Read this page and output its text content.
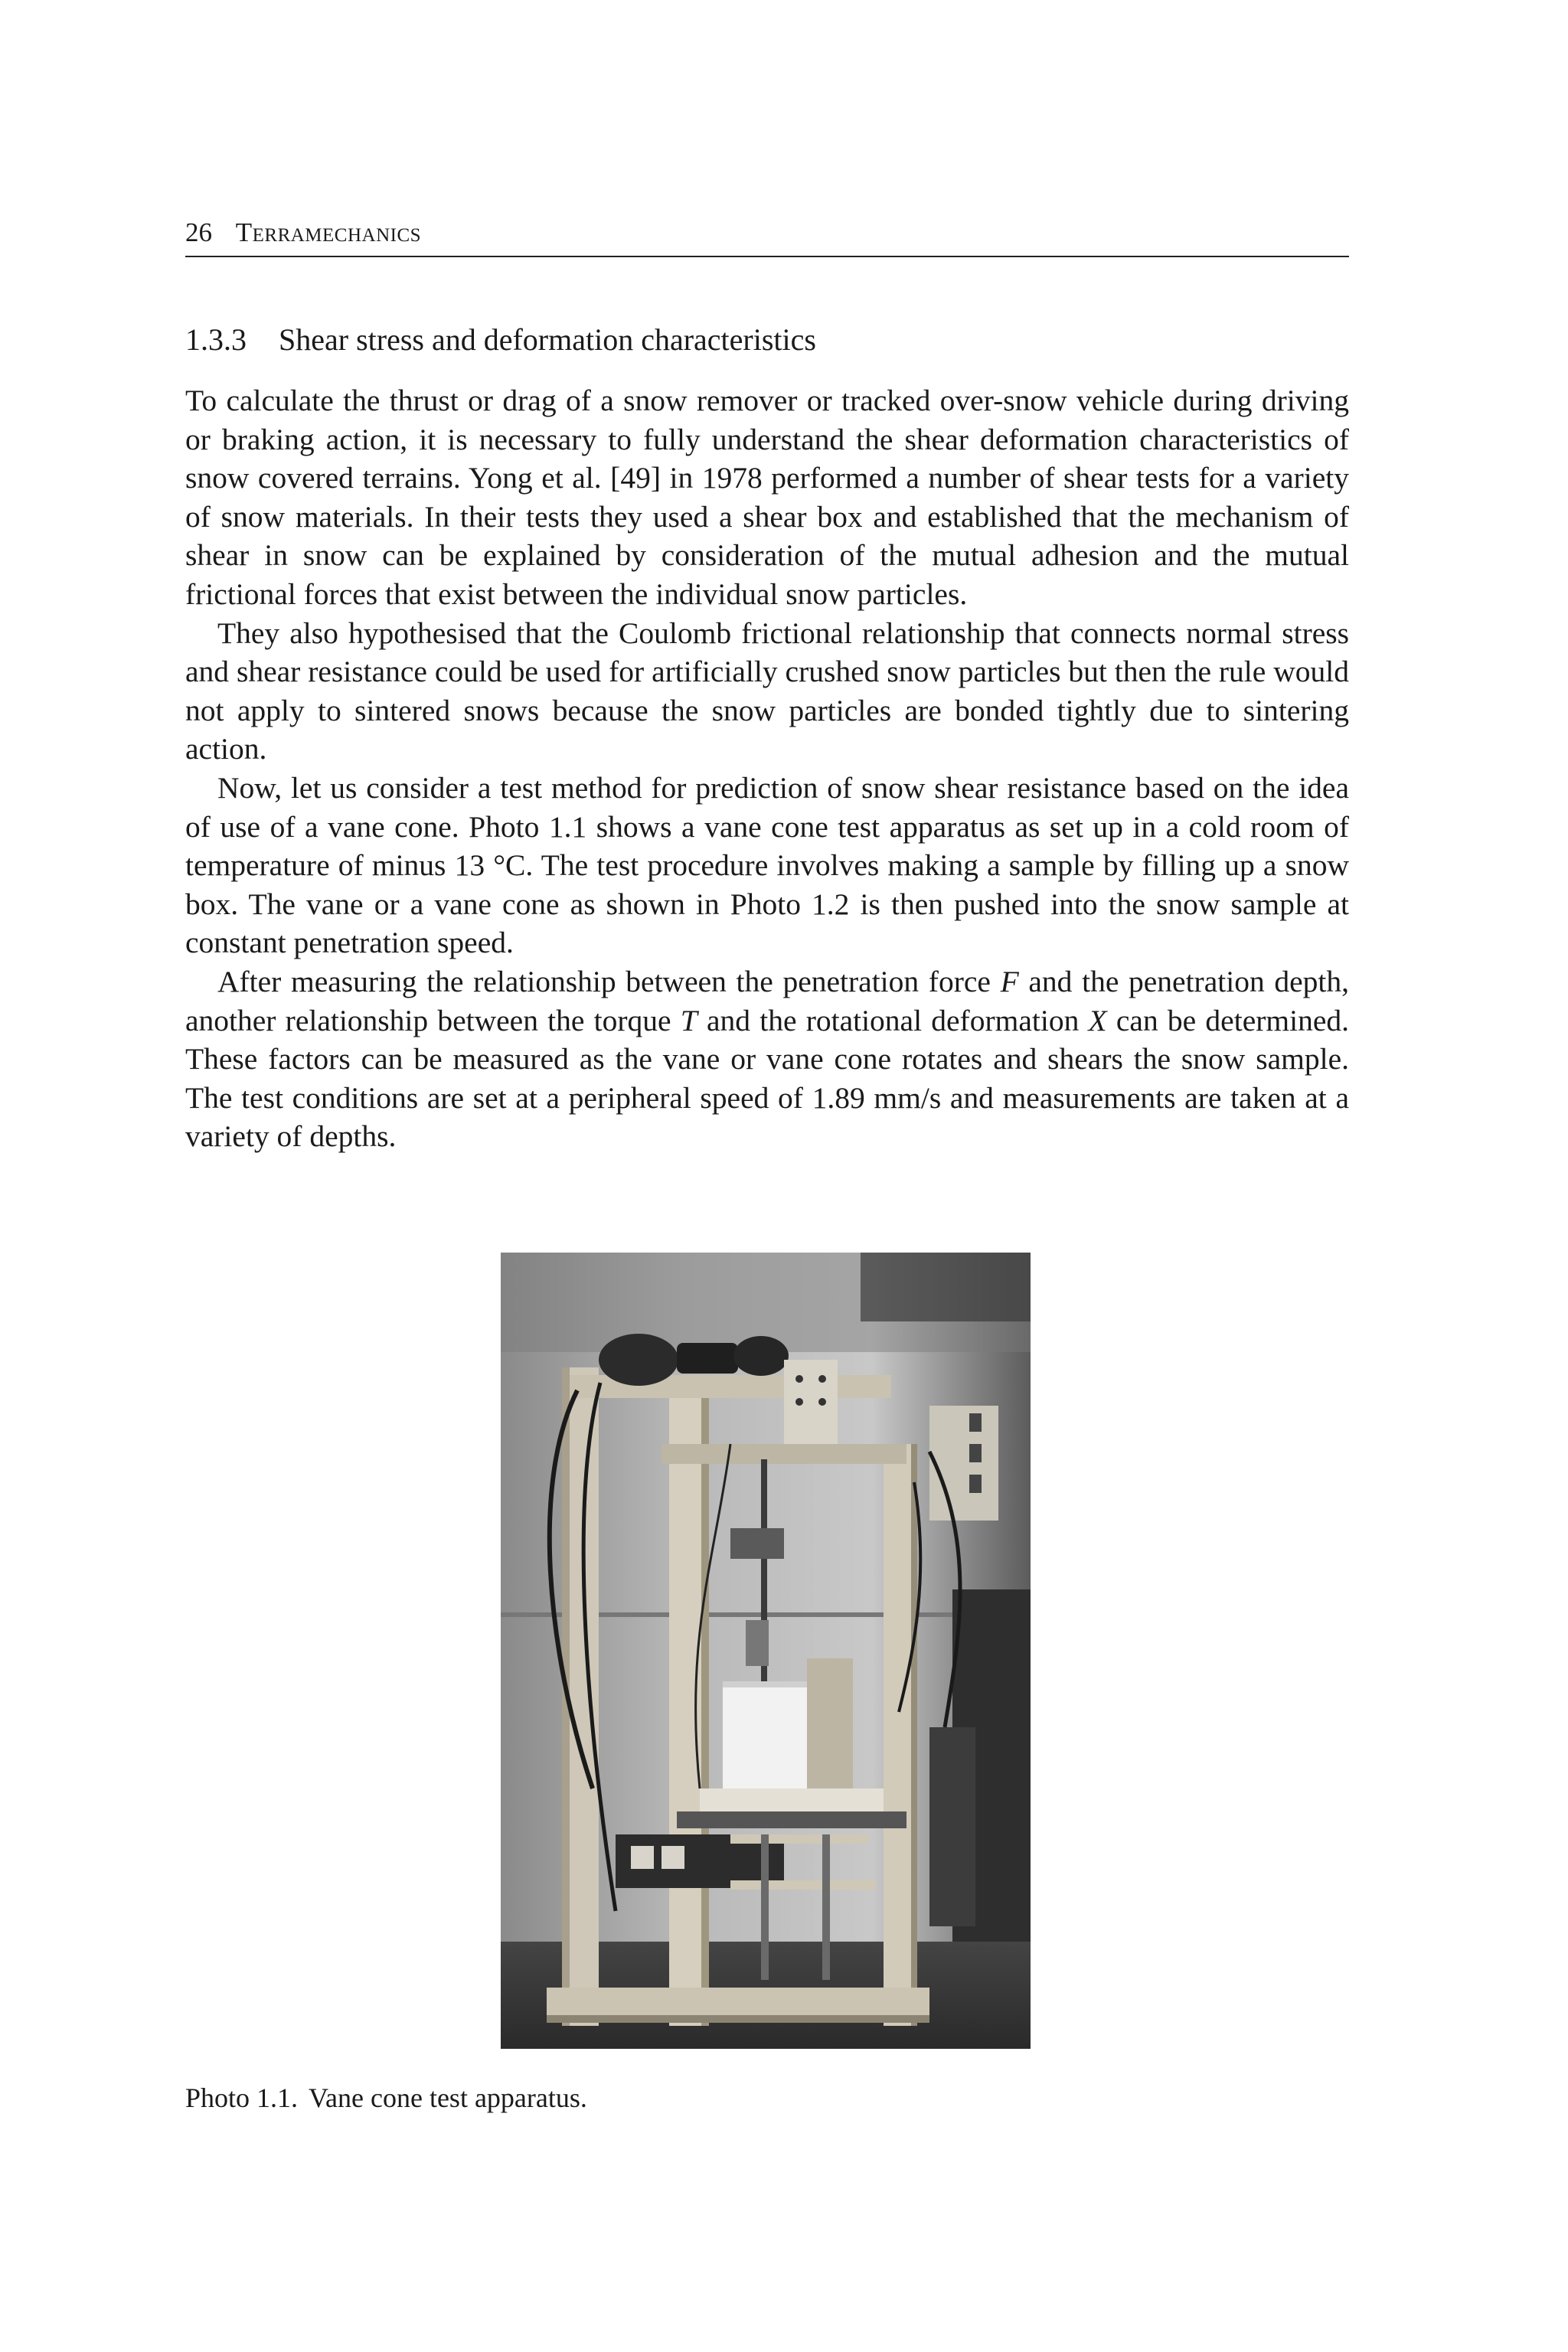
26 Terramechanics
1.3.3 Shear stress and deformation characteristics

To calculate the thrust or drag of a snow remover or tracked over-snow vehicle during driving or braking action, it is necessary to fully understand the shear deformation characteristics of snow covered terrains. Yong et al. [49] in 1978 performed a number of shear tests for a variety of snow materials. In their tests they used a shear box and established that the mechanism of shear in snow can be explained by consideration of the mutual adhesion and the mutual frictional forces that exist between the individual snow particles.

They also hypothesised that the Coulomb frictional relationship that connects normal stress and shear resistance could be used for artificially crushed snow particles but then the rule would not apply to sintered snows because the snow particles are bonded tightly due to sintering action.

Now, let us consider a test method for prediction of snow shear resistance based on the idea of use of a vane cone. Photo 1.1 shows a vane cone test apparatus as set up in a cold room of temperature of minus 13 °C. The test procedure involves making a sample by filling up a snow box. The vane or a vane cone as shown in Photo 1.2 is then pushed into the snow sample at constant penetration speed.

After measuring the relationship between the penetration force F and the penetration depth, another relationship between the torque T and the rotational deformation X can be determined. These factors can be measured as the vane or vane cone rotates and shears the snow sample. The test conditions are set at a peripheral speed of 1.89 mm/s and measurements are taken at a variety of depths.

Photo 1.1. Vane cone test apparatus.
